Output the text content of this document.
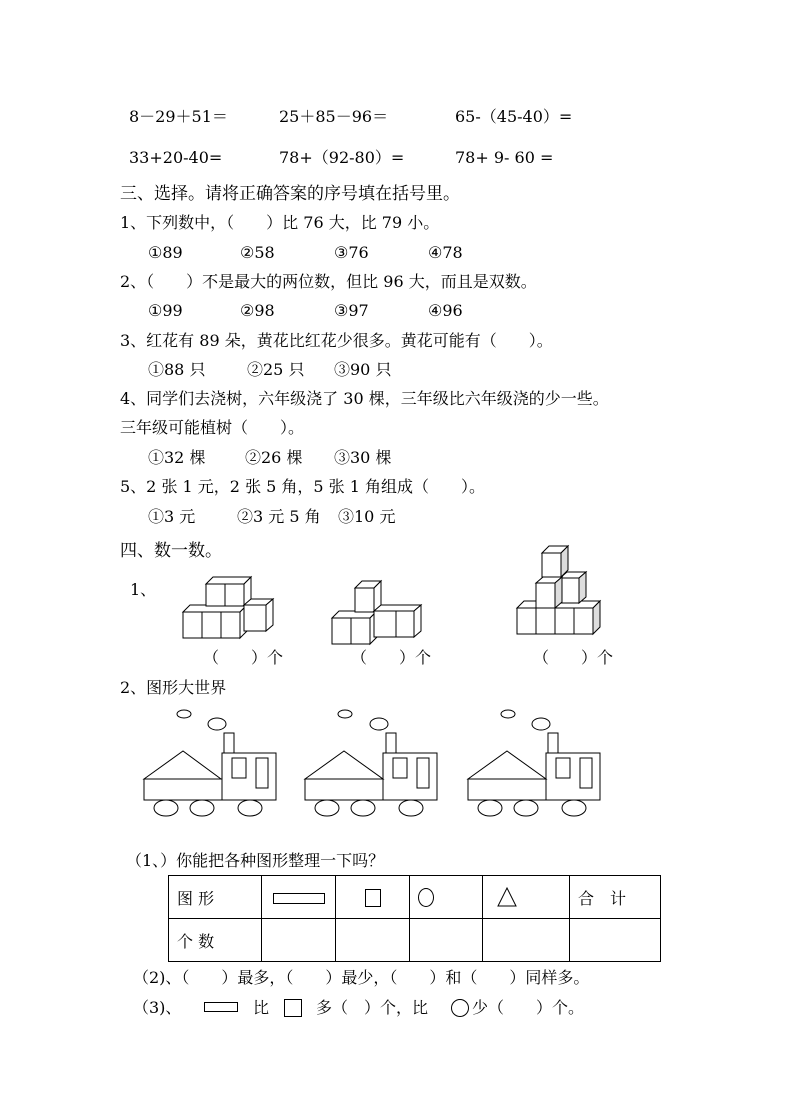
8－29＋51＝	25＋85－96＝	65-（45-40）=
33+20-40=	78+（92-80）=	78+ 9- 60 =
三、选择。请将正确答案的序号填在括号里。
1、下列数中，（　　）比 76 大，比 79 小。
①89	②58	③76	④78
2、（　　）不是最大的两位数，但比 96 大，而且是双数。
①99	②98	③97	④96
3、红花有 89 朵，黄花比红花少很多。黄花可能有（　　）。
①88 只	②25 只 ③90 只
4、同学们去浇树，六年级浇了 30 棵，三年级比六年级浇的少一些。
三年级可能植树（　　）。
①32 棵 ②26 棵 ③30 棵
5、2 张 1 元，2 张 5 角，5 张 1 角组成（　　）。
①3 元	②3 元 5 角 ③10 元
四、数一数。
1、
（　　）个	（　　）个	（　　）个
2、图形大世界
（1、）你能把各种图形整理一下吗？
图 形					合　计
个 数					
（2)、（　　）最多，（　　）最少，（　　）和（　　）同样多。
（3)、	比	多（　）个，比	少（　　）个。
